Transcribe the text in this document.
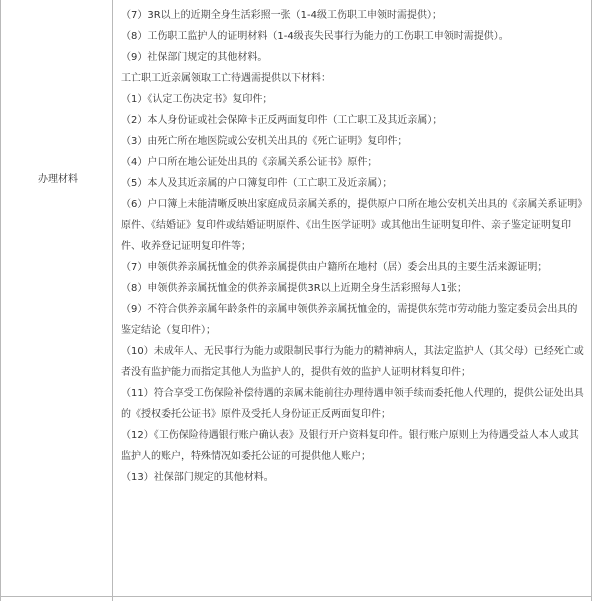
办理材料
（7）3R以上的近期全身生活彩照一张（1-4级工伤职工申领时需提供）；
（8）工伤职工监护人的证明材料（1-4级丧失民事行为能力的工伤职工申领时需提供）。
（9）社保部门规定的其他材料。
工亡职工近亲属领取工亡待遇需提供以下材料：
（1）《认定工伤决定书》复印件；
（2）本人身份证或社会保障卡正反两面复印件（工亡职工及其近亲属）；
（3）由死亡所在地医院或公安机关出具的《死亡证明》复印件；
（4）户口所在地公证处出具的《亲属关系公证书》原件；
（5）本人及其近亲属的户口簿复印件（工亡职工及近亲属）；
（6）户口簿上未能清晰反映出家庭成员亲属关系的，提供原户口所在地公安机关出具的《亲属关系证明》原件、《结婚证》复印件或结婚证明原件、《出生医学证明》或其他出生证明复印件、亲子鉴定证明复印件、收养登记证明复印件等；
（7）申领供养亲属抚恤金的供养亲属提供由户籍所在地村（居）委会出具的主要生活来源证明；
（8）申领供养亲属抚恤金的供养亲属提供3R以上近期全身生活彩照每人1张；
（9）不符合供养亲属年龄条件的亲属申领供养亲属抚恤金的，需提供东莞市劳动能力鉴定委员会出具的鉴定结论（复印件）；
（10）未成年人、无民事行为能力或限制民事行为能力的精神病人，其法定监护人（其父母）已经死亡或者没有监护能力而指定其他人为监护人的，提供有效的监护人证明材料复印件；
（11）符合享受工伤保险补偿待遇的亲属未能前往办理待遇申领手续而委托他人代理的，提供公证处出具的《授权委托公证书》原件及受托人身份证正反两面复印件；
（12）《工伤保险待遇银行账户确认表》及银行开户资料复印件。银行账户原则上为待遇受益人本人或其监护人的账户，特殊情况如委托公证的可提供他人账户；
（13）社保部门规定的其他材料。
